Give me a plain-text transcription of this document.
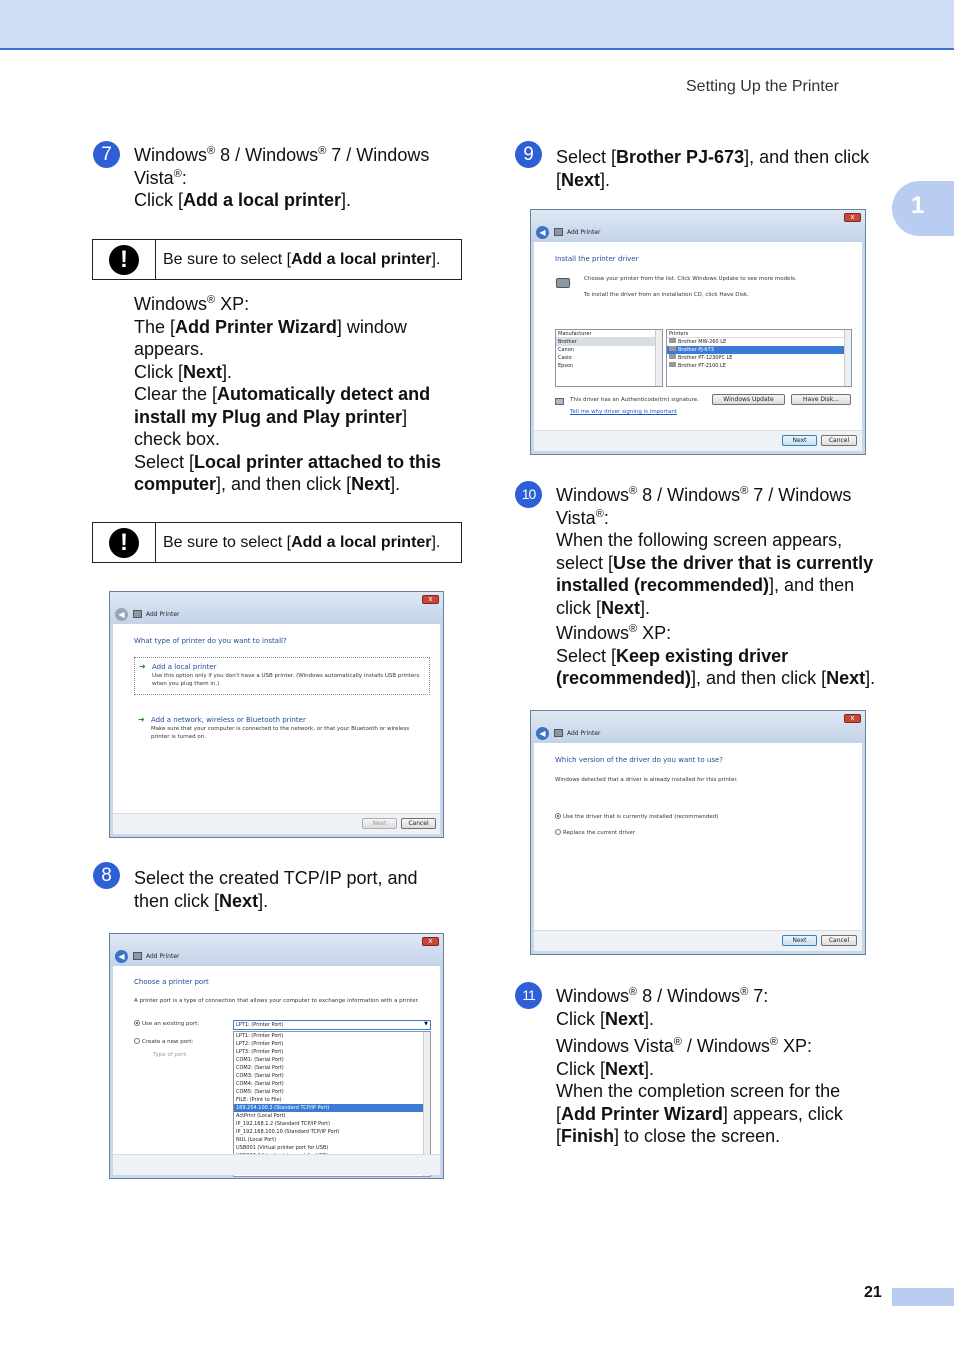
Setting Up the Printer
1
21
7	Windows® 8 / Windows® 7 / Windows
Vista®:
Click [Add a local printer].
!	Be sure to select [Add a local printer].
Windows® XP:
The [Add Printer Wizard] window
appears.
Click [Next].
Clear the [Automatically detect and
install my Plug and Play printer]
check box.
Select [Local printer attached to this
computer], and then click [Next].
!	Be sure to select [Add a local printer].
x
◀	Add Printer
What type of printer do you want to install?
➜ Add a local printer
Use this option only if you don't have a USB printer. (Windows automatically installs USB printers
when you plug them in.)
➜ Add a network, wireless or Bluetooth printer
Make sure that your computer is connected to the network, or that your Bluetooth or wireless
printer is turned on.
Next	Cancel
8	Select the created TCP/IP port, and
then click [Next].
x
◀	Add Printer
Choose a printer port
A printer port is a type of connection that allows your computer to exchange information with a printer.
Use an existing port:
Create a new port:
Type of port:
LPT1: (Printer Port)	▼
LPT1: (Printer Port)
LPT2: (Printer Port)
LPT3: (Printer Port)
COM1: (Serial Port)
COM2: (Serial Port)
COM3: (Serial Port)
COM4: (Serial Port)
COM5: (Serial Port)
FILE: (Print to File)
169.254.100.3 (Standard TCP/IP Port)
ActPrint (Local Port)
IP_192.168.1.2 (Standard TCP/IP Port)
IP_192.168.100.10 (Standard TCP/IP Port)
NUL (Local Port)
USB001 (Virtual printer port for USB)
9	Select [Brother PJ-673], and then click
[Next].
x
◀	Add Printer
Install the printer driver
Choose your printer from the list. Click Windows Update to see more models.
To install the driver from an installation CD, click Have Disk.
Manufacturer
Brother
Canon
Casio
Epson
Printers
Brother MW-260 LE
Brother PJ-673
Brother PT-1230PC LE
Brother PT-2100 LE
This driver has an Authenticode(tm) signature.
Tell me why driver signing is important
Windows Update	Have Disk...
Next	Cancel
10	Windows® 8 / Windows® 7 / Windows
Vista®:
When the following screen appears,
select [Use the driver that is currently
installed (recommended)], and then
click [Next].
Windows® XP:
Select [Keep existing driver
(recommended)], and then click [Next].
x
◀	Add Printer
Which version of the driver do you want to use?
Windows detected that a driver is already installed for this printer.
Use the driver that is currently installed (recommended)
Replace the current driver
Next	Cancel
11	Windows® 8 / Windows® 7:
Click [Next].
Windows Vista® / Windows® XP:
Click [Next].
When the completion screen for the
[Add Printer Wizard] appears, click
[Finish] to close the screen.
